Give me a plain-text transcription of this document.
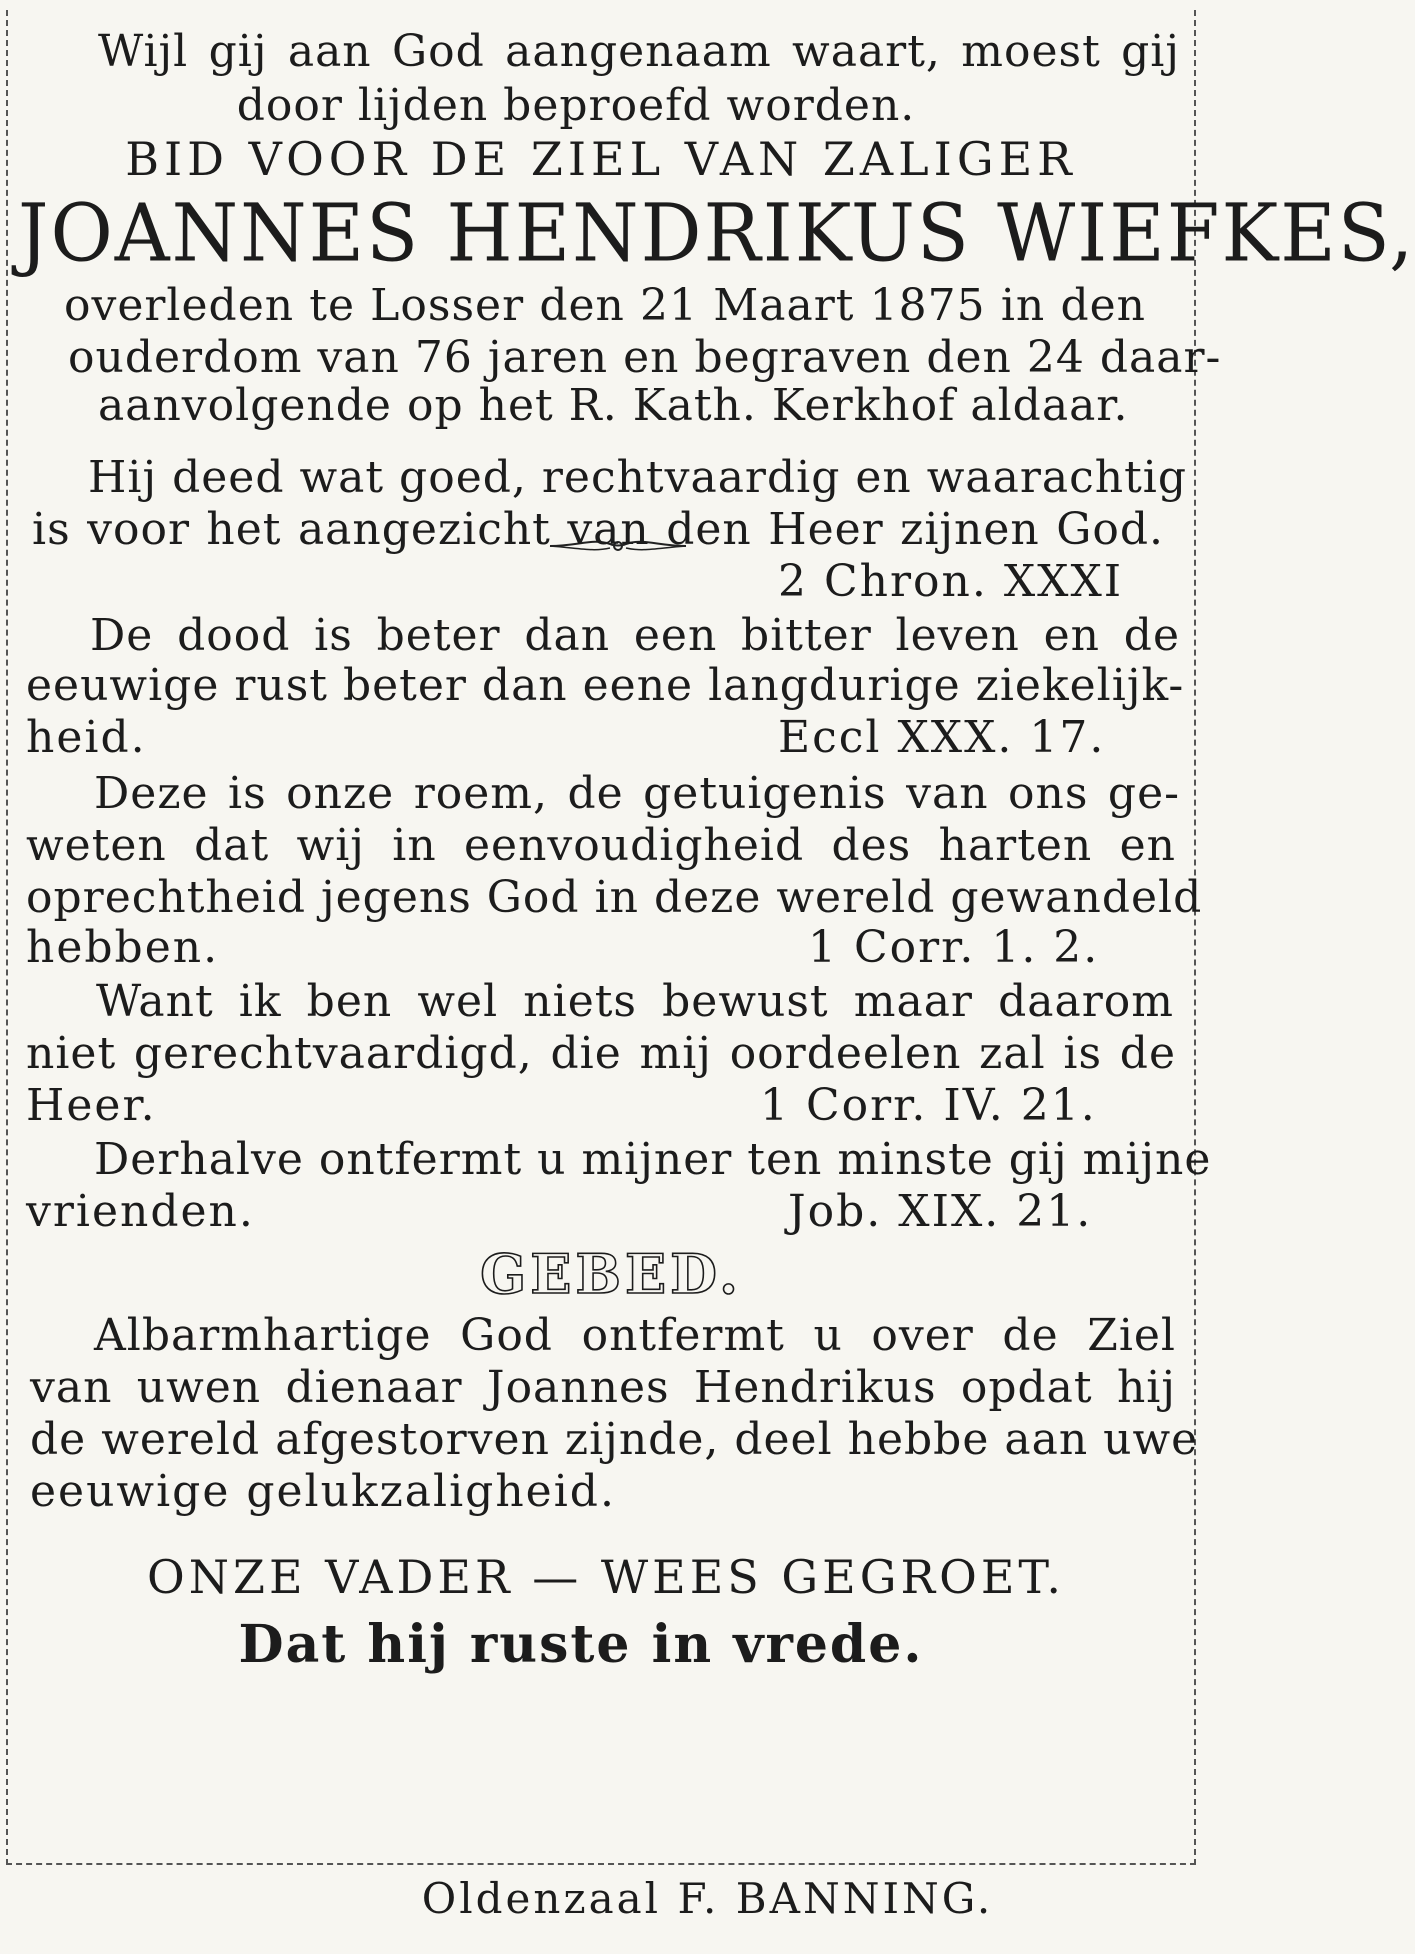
Wijl gij aan God aangenaam waart, moest gij
door lijden beproefd worden.
BID VOOR DE ZIEL VAN ZALIGER
JOANNES HENDRIKUS WIEFKES,
overleden te Losser den 21 Maart 1875 in den
ouderdom van 76 jaren en begraven den 24 daar-
aanvolgende op het R. Kath. Kerkhof aldaar.
Hij deed wat goed, rechtvaardig en waarachtig
is voor het aangezicht van den Heer zijnen God.
2 Chron. XXXI
De dood is beter dan een bitter leven en de
eeuwige rust beter dan eene langdurige ziekelijk-
heid.	Eccl XXX. 17.
Deze is onze roem, de getuigenis van ons ge-
weten dat wij in eenvoudigheid des harten en
oprechtheid jegens God in deze wereld gewandeld
hebben.	1 Corr. 1. 2.
Want ik ben wel niets bewust maar daarom
niet gerechtvaardigd, die mij oordeelen zal is de
Heer.	1 Corr. IV. 21.
Derhalve ontfermt u mijner ten minste gij mijne
vrienden.	Job. XIX. 21.
GEBED.
Albarmhartige God ontfermt u over de Ziel
van uwen dienaar Joannes Hendrikus opdat hij
de wereld afgestorven zijnde, deel hebbe aan uwe
eeuwige gelukzaligheid.
ONZE VADER — WEES GEGROET.
Dat hij ruste in vrede.
Oldenzaal F. BANNING.
